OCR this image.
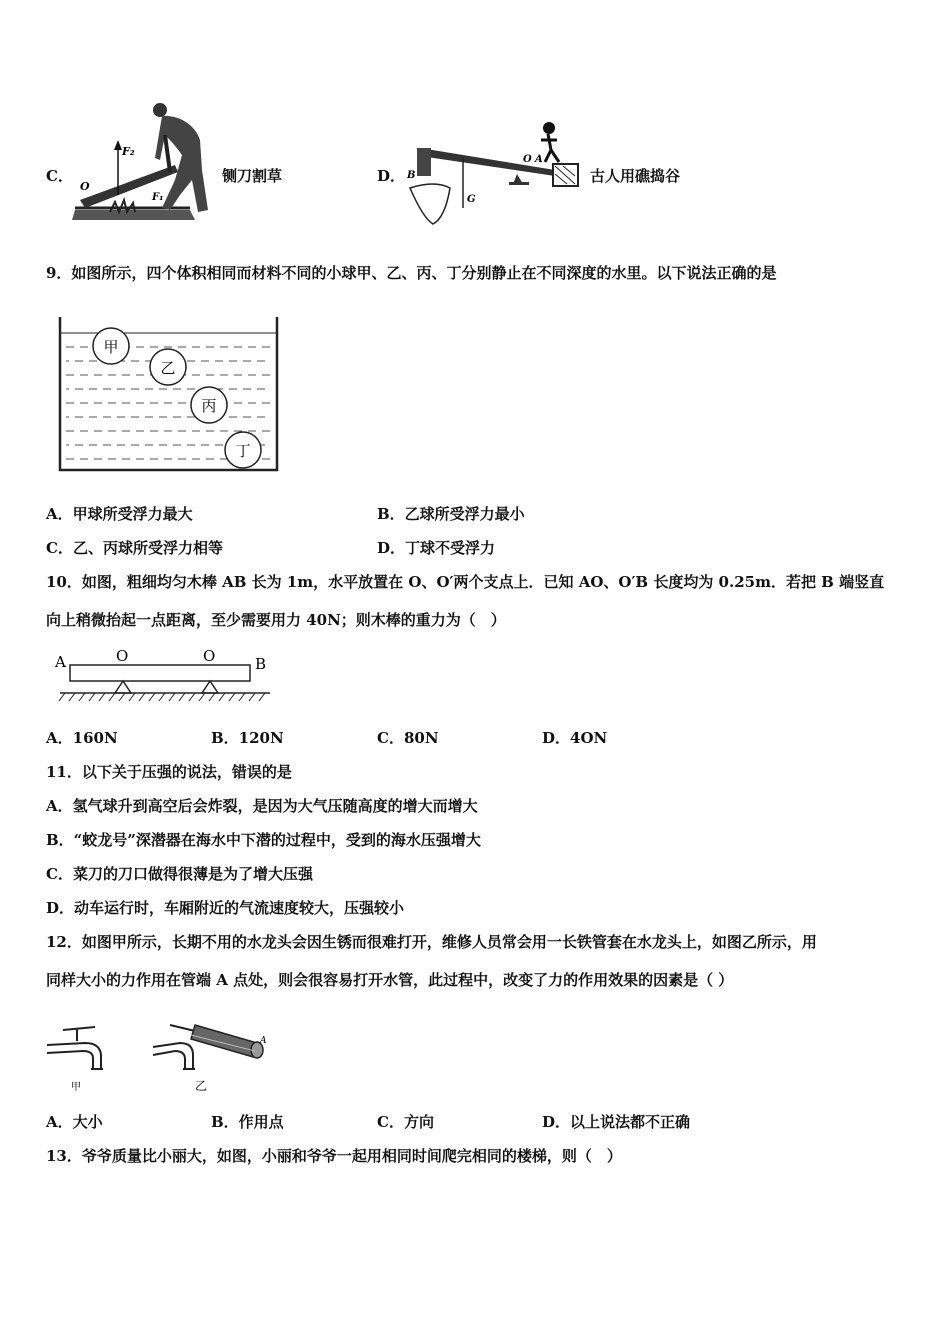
C．
F₂
O
F₁
铡刀割草	D．
G
B
O A
古人用礁捣谷
9．如图所示，四个体积相同而材料不同的小球甲、乙、丙、丁分别静止在不同深度的水里。以下说法正确的是
甲
乙
丙
丁
A．甲球所受浮力最大	B．乙球所受浮力最小
C．乙、丙球所受浮力相等	D．丁球不受浮力
10．如图，粗细均匀木棒 AB 长为 1m，水平放置在 O、O′两个支点上．已知 AO、O′B 长度均为 0.25m．若把 B 端竖直
向上稍微抬起一点距离，至少需要用力 40N；则木棒的重力为（　）
A	O	O	B
A．160N	B．120N	C．80N	D．4ON
11．以下关于压强的说法，错误的是
A．氢气球升到高空后会炸裂，是因为大气压随高度的增大而增大
B．“蛟龙号”深潜器在海水中下潜的过程中，受到的海水压强增大
C．菜刀的刀口做得很薄是为了增大压强
D．动车运行时，车厢附近的气流速度较大，压强较小
12．如图甲所示，长期不用的水龙头会因生锈而很难打开，维修人员常会用一长铁管套在水龙头上，如图乙所示，用
同样大小的力作用在管端 A 点处，则会很容易打开水管，此过程中，改变了力的作用效果的因素是（ ）
甲
A
乙
A．大小	B．作用点	C．方向	D．以上说法都不正确
13．爷爷质量比小丽大，如图，小丽和爷爷一起用相同时间爬完相同的楼梯，则（　）
